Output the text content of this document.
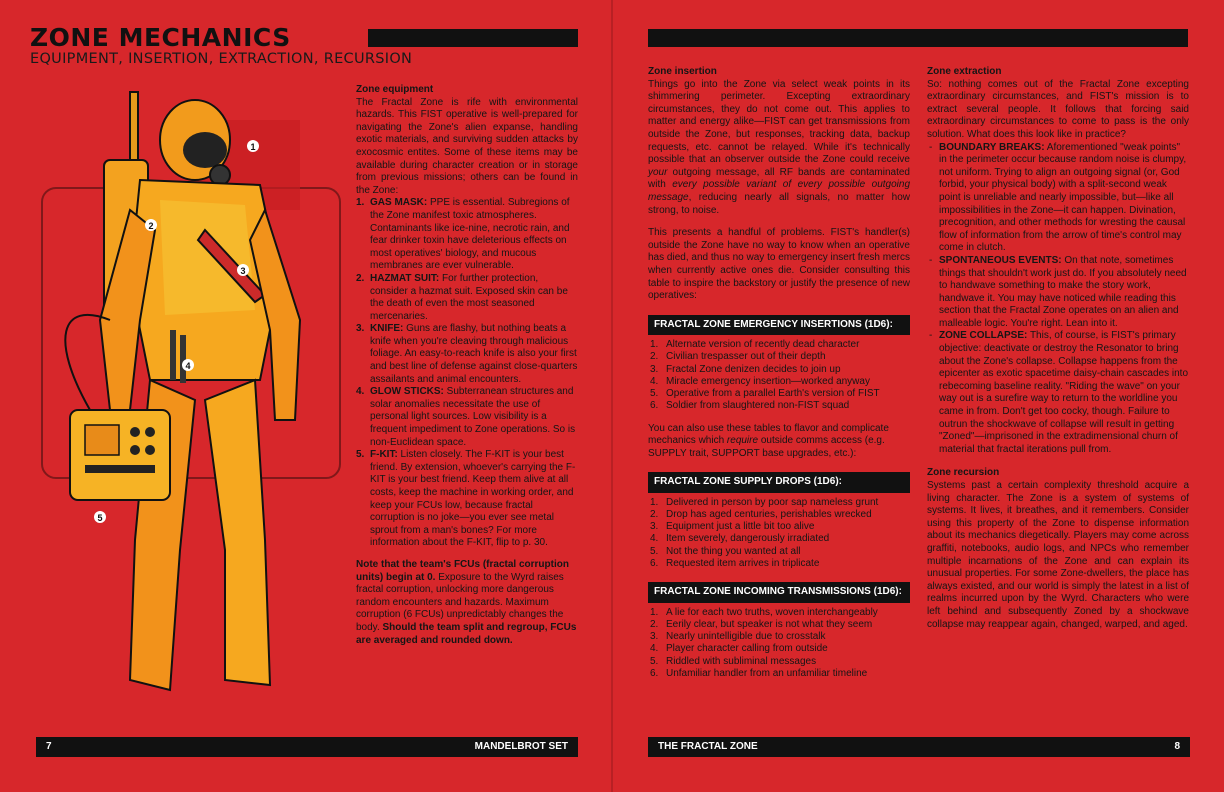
ZONE MECHANICS
EQUIPMENT, INSERTION, EXTRACTION, RECURSION
1
2
3
4
5

Zone equipment

The Fractal Zone is rife with environmental hazards. This FIST operative is well-prepared for navigating the Zone's alien expanse, handling exotic materials, and surviving sudden attacks by exocosmic entites. Some of these items may be available during character creation or in storage from previous missions; others can be found in the Zone:

1. GAS MASK: PPE is essential. Subregions of the Zone manifest toxic atmospheres. Contaminants like ice-nine, necrotic rain, and fear drinker toxin have deleterious effects on most operatives' biology, and mucous membranes are ever vulnerable.
2. HAZMAT SUIT: For further protection, consider a hazmat suit. Exposed skin can be the death of even the most seasoned mercenaries.
3. KNIFE: Guns are flashy, but nothing beats a knife when you're cleaving through malicious foliage. An easy-to-reach knife is also your first and best line of defense against close-quarters assailants and animal encounters.
4. GLOW STICKS: Subterranean structures and solar anomalies necessitate the use of personal light sources. Low visibility is a frequent impediment to Zone operations. So is non-Euclidean space.
5. F-KIT: Listen closely. The F-KIT is your best friend. By extension, whoever's carrying the F-KIT is your best friend. Keep them alive at all costs, keep the machine in working order, and keep your FCUs low, because fractal corruption is no joke—you ever see metal sprout from a man's bones? For more information about the F-KIT, flip to p. 30.

Note that the team's FCUs (fractal corruption units) begin at 0. Exposure to the Wyrd raises fractal corruption, unlocking more dangerous random encounters and hazards. Maximum corruption (6 FCUs) unpredictably changes the body. Should the team split and regroup, FCUs are averaged and rounded down.

7	MANDELBROT SET

Zone insertion

Things go into the Zone via select weak points in its shimmering perimeter. Excepting extraordinary circumstances, they do not come out. This applies to matter and energy alike—FIST can get transmissions from outside the Zone, but responses, tracking data, backup requests, etc. cannot be relayed. While it's technically possible that an observer outside the Zone could receive your outgoing message, all RF bands are contaminated with every possible variant of every possible outgoing message, reducing nearly all signals, no matter how strong, to noise.

This presents a handful of problems. FIST's handler(s) outside the Zone have no way to know when an operative has died, and thus no way to emergency insert fresh mercs when currently active ones die. Consider consulting this table to inspire the backstory or justify the presence of new operatives:

FRACTAL ZONE EMERGENCY INSERTIONS (1D6):

1. Alternate version of recently dead character
2. Civilian trespasser out of their depth
3. Fractal Zone denizen decides to join up
4. Miracle emergency insertion—worked anyway
5. Operative from a parallel Earth's version of FIST
6. Soldier from slaughtered non-FIST squad

You can also use these tables to flavor and complicate mechanics which require outside comms access (e.g. SUPPLY trait, SUPPORT base upgrades, etc.):

FRACTAL ZONE SUPPLY DROPS (1D6):

1. Delivered in person by poor sap nameless grunt
2. Drop has aged centuries, perishables wrecked
3. Equipment just a little bit too alive
4. Item severely, dangerously irradiated
5. Not the thing you wanted at all
6. Requested item arrives in triplicate

FRACTAL ZONE INCOMING TRANSMISSIONS (1D6):

1. A lie for each two truths, woven interchangeably
2. Eerily clear, but speaker is not what they seem
3. Nearly unintelligible due to crosstalk
4. Player character calling from outside
5. Riddled with subliminal messages
6. Unfamiliar handler from an unfamiliar timeline

Zone extraction

So: nothing comes out of the Fractal Zone excepting extraordinary circumstances, and FIST's mission is to extract several people. It follows that forcing said extraordinary circumstances to come to pass is the only solution. What does this look like in practice?

- BOUNDARY BREAKS: Aforementioned "weak points" in the perimeter occur because random noise is clumpy, not uniform. Trying to align an outgoing signal (or, God forbid, your physical body) with a split-second weak point is unreliable and nearly impossible, but—like all impossibilities in the Zone—it can happen. Divination, precognition, and other methods for wresting the causal flow of information from the arrow of time's control may come in clutch.
- SPONTANEOUS EVENTS: On that note, sometimes things that shouldn't work just do. If you absolutely need to handwave something to make the story work, handwave it. You may have noticed while reading this section that the Fractal Zone operates on an alien and malleable logic. You're right. Lean into it.
- ZONE COLLAPSE: This, of course, is FIST's primary objective: deactivate or destroy the Resonator to bring about the Zone's collapse. Collapse happens from the epicenter as exotic spacetime daisy-chain cascades into rebecoming baseline reality. "Riding the wave" on your way out is a surefire way to return to the worldline you came in from. Don't get too cocky, though. Failure to outrun the shockwave of collapse will result in getting "Zoned"—imprisoned in the extradimensional churn of material that fractal iterations pull from.

Zone recursion

Systems past a certain complexity threshold acquire a living character. The Zone is a system of systems of systems. It lives, it breathes, and it remembers. Consider using this property of the Zone to dispense information about its mechanics diegetically. Players may come across graffiti, notebooks, audio logs, and NPCs who remember multiple incarnations of the Zone and can explain its unusual properties. For some Zone-dwellers, the place has always existed, and our world is simply the latest in a list of realms incurred upon by the Wyrd. Characters who were left behind and subsequently Zoned by a shockwave collapse may reappear again, changed, warped, and aged.

THE FRACTAL ZONE	8
